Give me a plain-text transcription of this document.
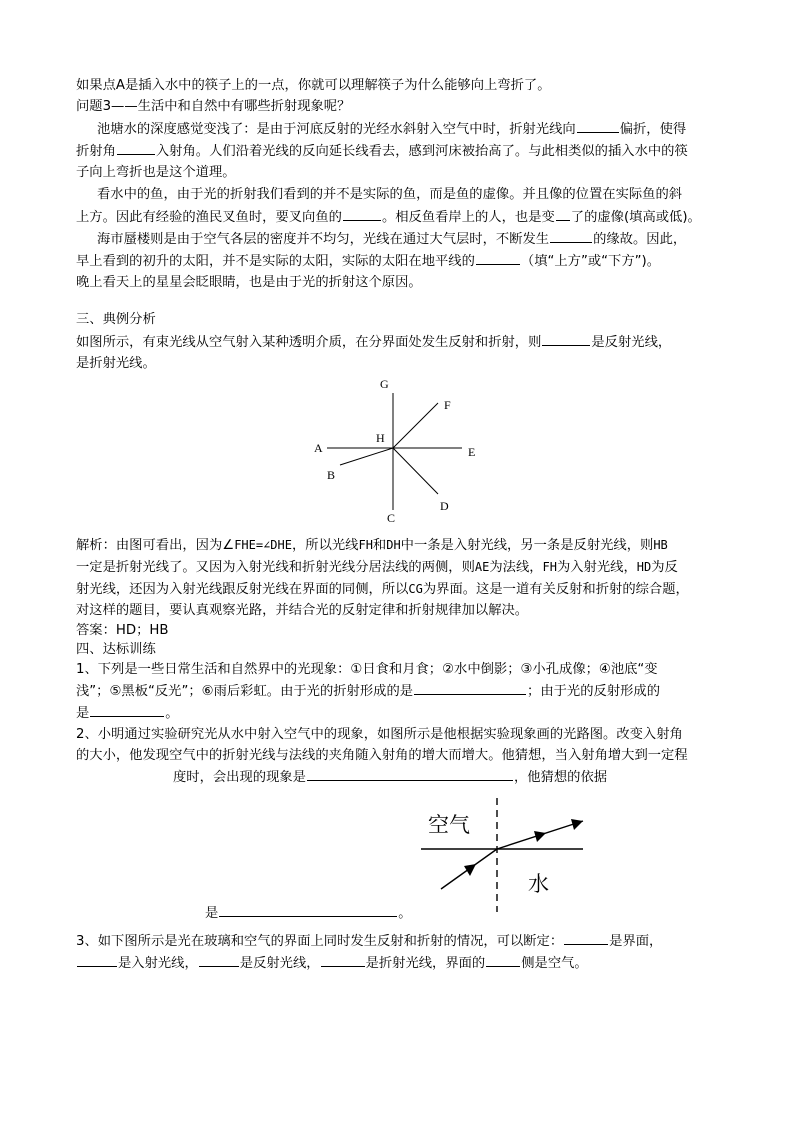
如果点A是插入水中的筷子上的一点，你就可以理解筷子为什么能够向上弯折了。
问题3——生活中和自然中有哪些折射现象呢？
池塘水的深度感觉变浅了：是由于河底反射的光经水斜射入空气中时，折射光线向	偏折，使得
折射角	入射角。人们沿着光线的反向延长线看去，感到河床被抬高了。与此相类似的插入水中的筷
子向上弯折也是这个道理。
看水中的鱼，由于光的折射我们看到的并不是实际的鱼，而是鱼的虚像。并且像的位置在实际鱼的斜
上方。因此有经验的渔民叉鱼时，要叉向鱼的	。相反鱼看岸上的人，也是变 了的虚像(填高或低)。
海市蜃楼则是由于空气各层的密度并不均匀，光线在通过大气层时，不断发生	的缘故。因此，
早上看到的初升的太阳，并不是实际的太阳，实际的太阳在地平线的	（填“上方”或“下方”)。
晚上看天上的星星会眨眼睛，也是由于光的折射这个原因。
三、典例分析
如图所示，有束光线从空气射入某种透明介质，在分界面处发生反射和折射，则	是反射光线，
是折射光线。
G
F
A
H
E
B
D
C
解析：由图可看出，因为∠FHE=∠DHE，所以光线FH和DH中一条是入射光线，另一条是反射光线，则HB
一定是折射光线了。又因为入射光线和折射光线分居法线的两侧，则AE为法线，FH为入射光线，HD为反
射光线，还因为入射光线跟反射光线在界面的同侧，所以CG为界面。这是一道有关反射和折射的综合题，
对这样的题目，要认真观察光路，并结合光的反射定律和折射规律加以解决。
答案：HD；HB
四、达标训练
1、下列是一些日常生活和自然界中的光现象：①日食和月食；②水中倒影；③小孔成像；④池底“变
浅”；⑤黑板“反光”；⑥雨后彩虹。由于光的折射形成的是	；由于光的反射形成的
是	。
2、小明通过实验研究光从水中射入空气中的现象，如图所示是他根据实验现象画的光路图。改变入射角
的大小，他发现空气中的折射光线与法线的夹角随入射角的增大而增大。他猜想，当入射角增大到一定程
度时，会出现的现象是	，他猜想的依据
空气
水
是	。
3、如下图所示是光在玻璃和空气的界面上同时发生反射和折射的情况，可以断定：	是界面，
是入射光线，	是反射光线，	是折射光线，界面的	侧是空气。
